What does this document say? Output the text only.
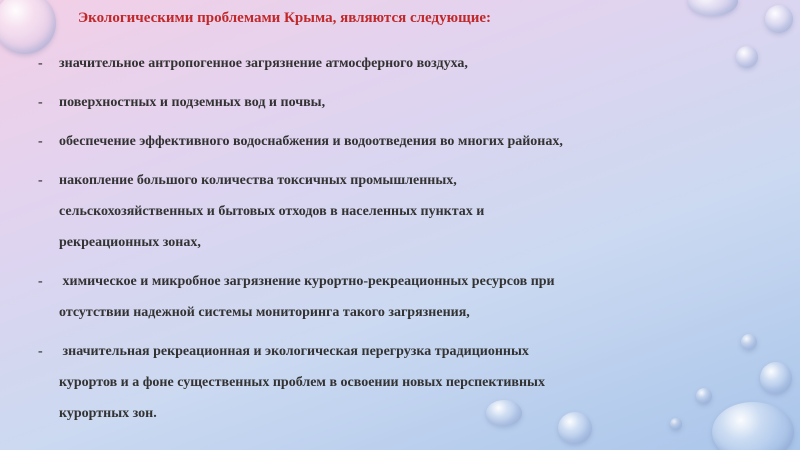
Экологическими проблемами Крыма, являются следующие:
- значительное антропогенное загрязнение атмосферного воздуха,
- поверхностных и подземных вод и почвы,
- обеспечение эффективного водоснабжения и водоотведения во многих районах,
- накопление большого количества токсичных промышленных,
сельскохозяйственных и бытовых отходов в населенных пунктах и
рекреационных зонах,
- химическое и микробное загрязнение курортно-рекреационных ресурсов при
отсутствии надежной системы мониторинга такого загрязнения,
- значительная рекреационная и экологическая перегрузка традиционных
курортов и а фоне существенных проблем в освоении новых перспективных
курортных зон.
